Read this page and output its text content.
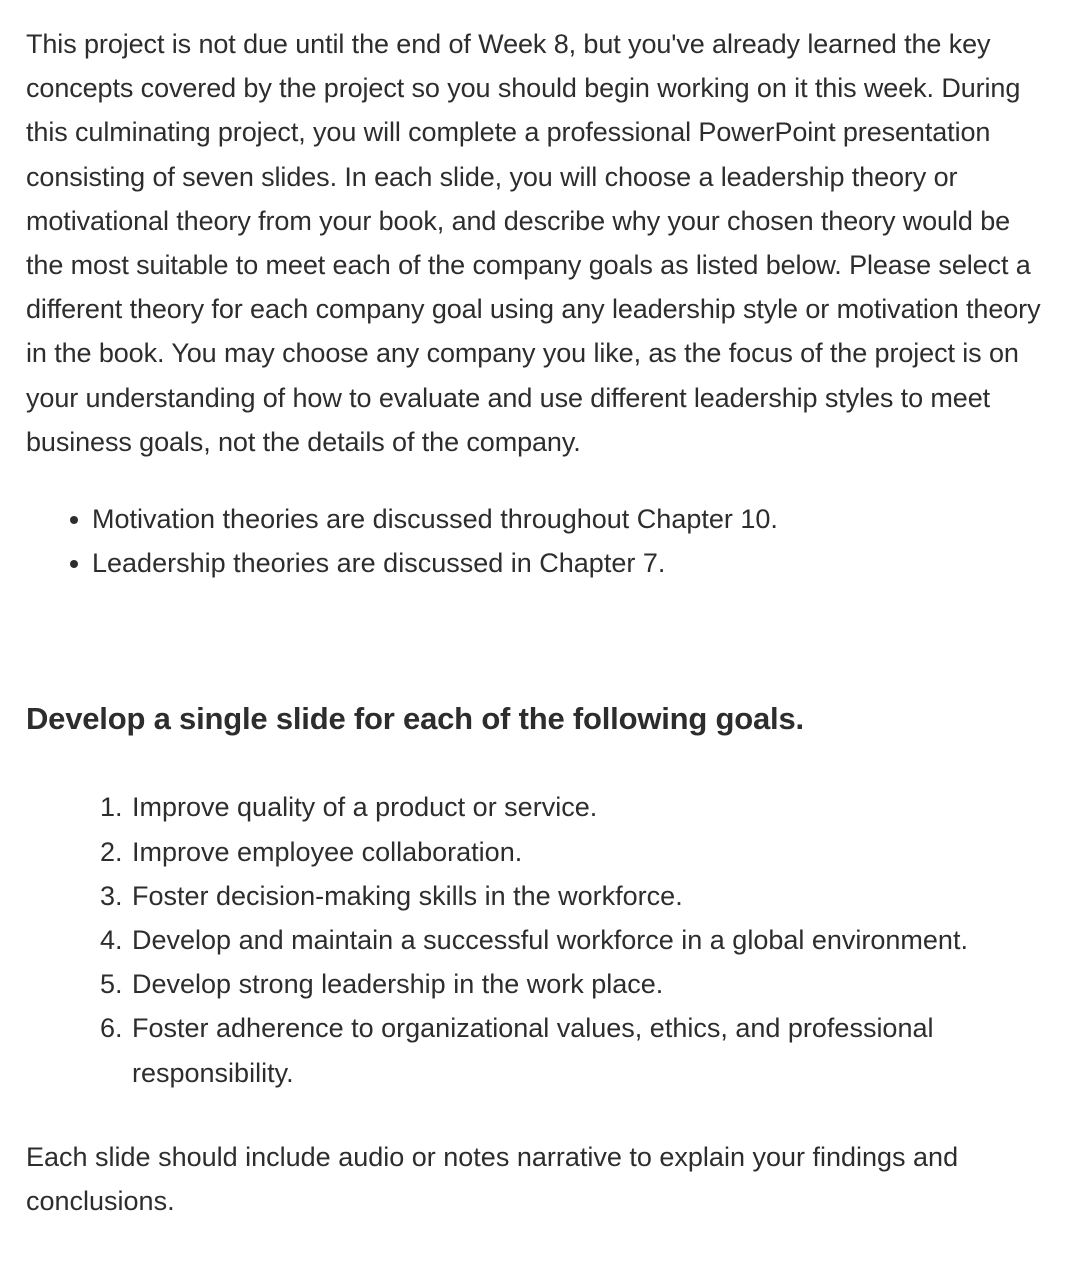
This project is not due until the end of Week 8, but you've already learned the key concepts covered by the project so you should begin working on it this week. During this culminating project, you will complete a professional PowerPoint presentation consisting of seven slides. In each slide, you will choose a leadership theory or motivational theory from your book, and describe why your chosen theory would be the most suitable to meet each of the company goals as listed below. Please select a different theory for each company goal using any leadership style or motivation theory in the book. You may choose any company you like, as the focus of the project is on your understanding of how to evaluate and use different leadership styles to meet business goals, not the details of the company.

Motivation theories are discussed throughout Chapter 10.
Leadership theories are discussed in Chapter 7.
Develop a single slide for each of the following goals.
1. Improve quality of a product or service.
2. Improve employee collaboration.
3. Foster decision-making skills in the workforce.
4. Develop and maintain a successful workforce in a global environment.
5. Develop strong leadership in the work place.
6. Foster adherence to organizational values, ethics, and professional responsibility.

Each slide should include audio or notes narrative to explain your findings and conclusions.
